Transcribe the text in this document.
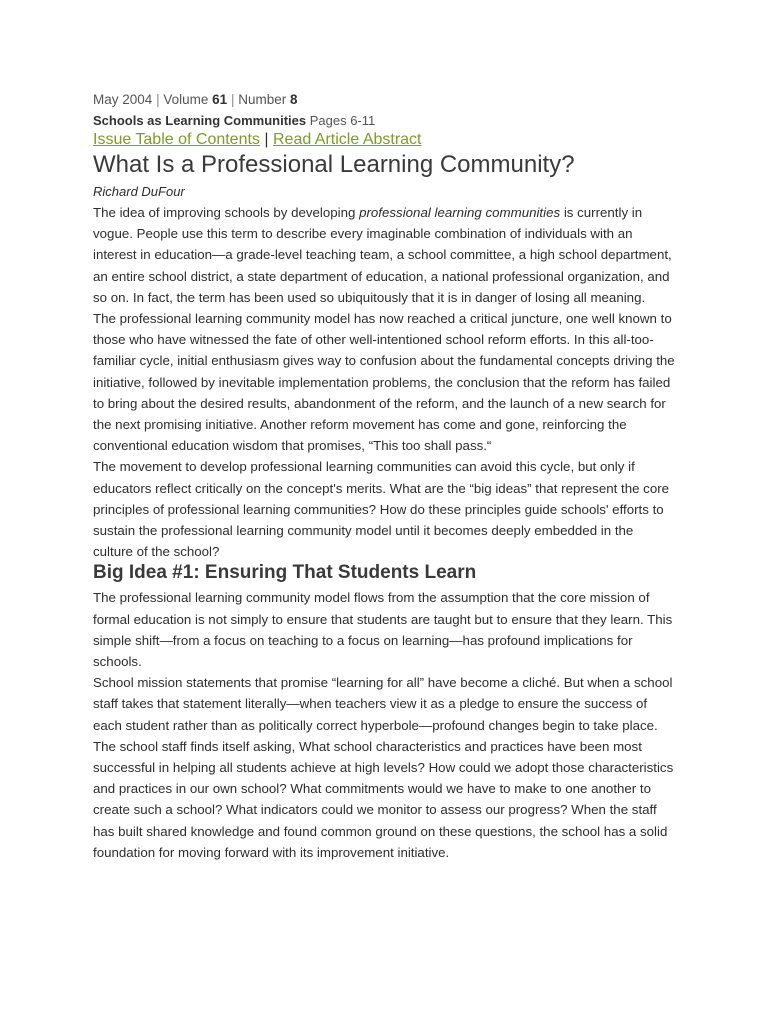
May 2004 | Volume 61 | Number 8
Schools as Learning Communities Pages 6-11
Issue Table of Contents | Read Article Abstract
What Is a Professional Learning Community?
Richard DuFour

The idea of improving schools by developing professional learning communities is currently in vogue. People use this term to describe every imaginable combination of individuals with an interest in education—a grade-level teaching team, a school committee, a high school department, an entire school district, a state department of education, a national professional organization, and so on. In fact, the term has been used so ubiquitously that it is in danger of losing all meaning.

The professional learning community model has now reached a critical juncture, one well known to those who have witnessed the fate of other well-intentioned school reform efforts. In this all-too-familiar cycle, initial enthusiasm gives way to confusion about the fundamental concepts driving the initiative, followed by inevitable implementation problems, the conclusion that the reform has failed to bring about the desired results, abandonment of the reform, and the launch of a new search for the next promising initiative. Another reform movement has come and gone, reinforcing the conventional education wisdom that promises, “This too shall pass.“

The movement to develop professional learning communities can avoid this cycle, but only if educators reflect critically on the concept's merits. What are the “big ideas” that represent the core principles of professional learning communities? How do these principles guide schools' efforts to sustain the professional learning community model until it becomes deeply embedded in the culture of the school?

Big Idea #1: Ensuring That Students Learn

The professional learning community model flows from the assumption that the core mission of formal education is not simply to ensure that students are taught but to ensure that they learn. This simple shift—from a focus on teaching to a focus on learning—has profound implications for schools.

School mission statements that promise “learning for all” have become a cliché. But when a school staff takes that statement literally—when teachers view it as a pledge to ensure the success of each student rather than as politically correct hyperbole—profound changes begin to take place. The school staff finds itself asking, What school characteristics and practices have been most successful in helping all students achieve at high levels? How could we adopt those characteristics and practices in our own school? What commitments would we have to make to one another to create such a school? What indicators could we monitor to assess our progress? When the staff has built shared knowledge and found common ground on these questions, the school has a solid foundation for moving forward with its improvement initiative.
